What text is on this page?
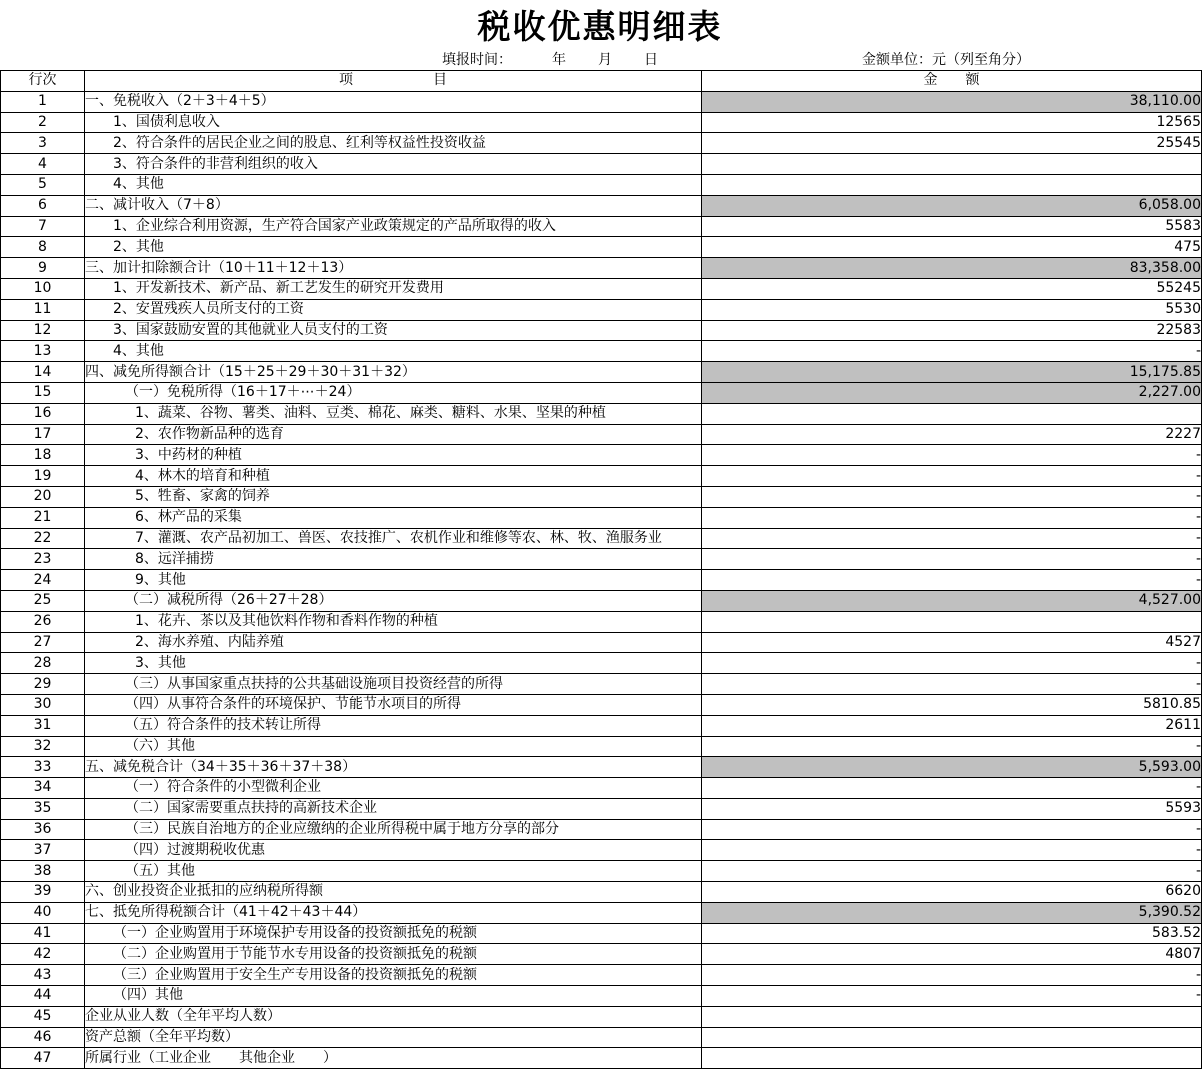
税收优惠明细表
填报时间：	年 月 日	金额单位：元（列至角分）
行次	项 目	金 额
1	一、免税收入（2＋3＋4＋5）	38,110.00
2	1、国债利息收入	12565
3	2、符合条件的居民企业之间的股息、红利等权益性投资收益	25545
4	3、符合条件的非营利组织的收入	
5	4、其他	
6	二、减计收入（7＋8）	6,058.00
7	1、企业综合利用资源，生产符合国家产业政策规定的产品所取得的收入	5583
8	2、其他	475
9	三、加计扣除额合计（10＋11＋12＋13）	83,358.00
10	1、开发新技术、新产品、新工艺发生的研究开发费用	55245
11	2、安置残疾人员所支付的工资	5530
12	3、国家鼓励安置的其他就业人员支付的工资	22583
13	4、其他	-
14	四、减免所得额合计（15＋25＋29＋30＋31＋32）	15,175.85
15	（一）免税所得（16＋17＋⋯＋24）	2,227.00
16	1、蔬菜、谷物、薯类、油料、豆类、棉花、麻类、糖料、水果、坚果的种植	
17	2、农作物新品种的选育	2227
18	3、中药材的种植	-
19	4、林木的培育和种植	-
20	5、牲畜、家禽的饲养	-
21	6、林产品的采集	-
22	7、灌溉、农产品初加工、兽医、农技推广、农机作业和维修等农、林、牧、渔服务业	-
23	8、远洋捕捞	-
24	9、其他	-
25	（二）减税所得（26＋27＋28）	4,527.00
26	1、花卉、茶以及其他饮料作物和香料作物的种植	
27	2、海水养殖、内陆养殖	4527
28	3、其他	-
29	（三）从事国家重点扶持的公共基础设施项目投资经营的所得	-
30	（四）从事符合条件的环境保护、节能节水项目的所得	5810.85
31	（五）符合条件的技术转让所得	2611
32	（六）其他	-
33	五、减免税合计（34＋35＋36＋37＋38）	5,593.00
34	（一）符合条件的小型微利企业	-
35	（二）国家需要重点扶持的高新技术企业	5593
36	（三）民族自治地方的企业应缴纳的企业所得税中属于地方分享的部分	-
37	（四）过渡期税收优惠	-
38	（五）其他	-
39	六、创业投资企业抵扣的应纳税所得额	6620
40	七、抵免所得税额合计（41＋42＋43＋44）	5,390.52
41	（一）企业购置用于环境保护专用设备的投资额抵免的税额	583.52
42	（二）企业购置用于节能节水专用设备的投资额抵免的税额	4807
43	（三）企业购置用于安全生产专用设备的投资额抵免的税额	-
44	（四）其他	-
45	企业从业人数（全年平均人数）	
46	资产总额（全年平均数）	
47	所属行业（工业企业　　其他企业　　）	
